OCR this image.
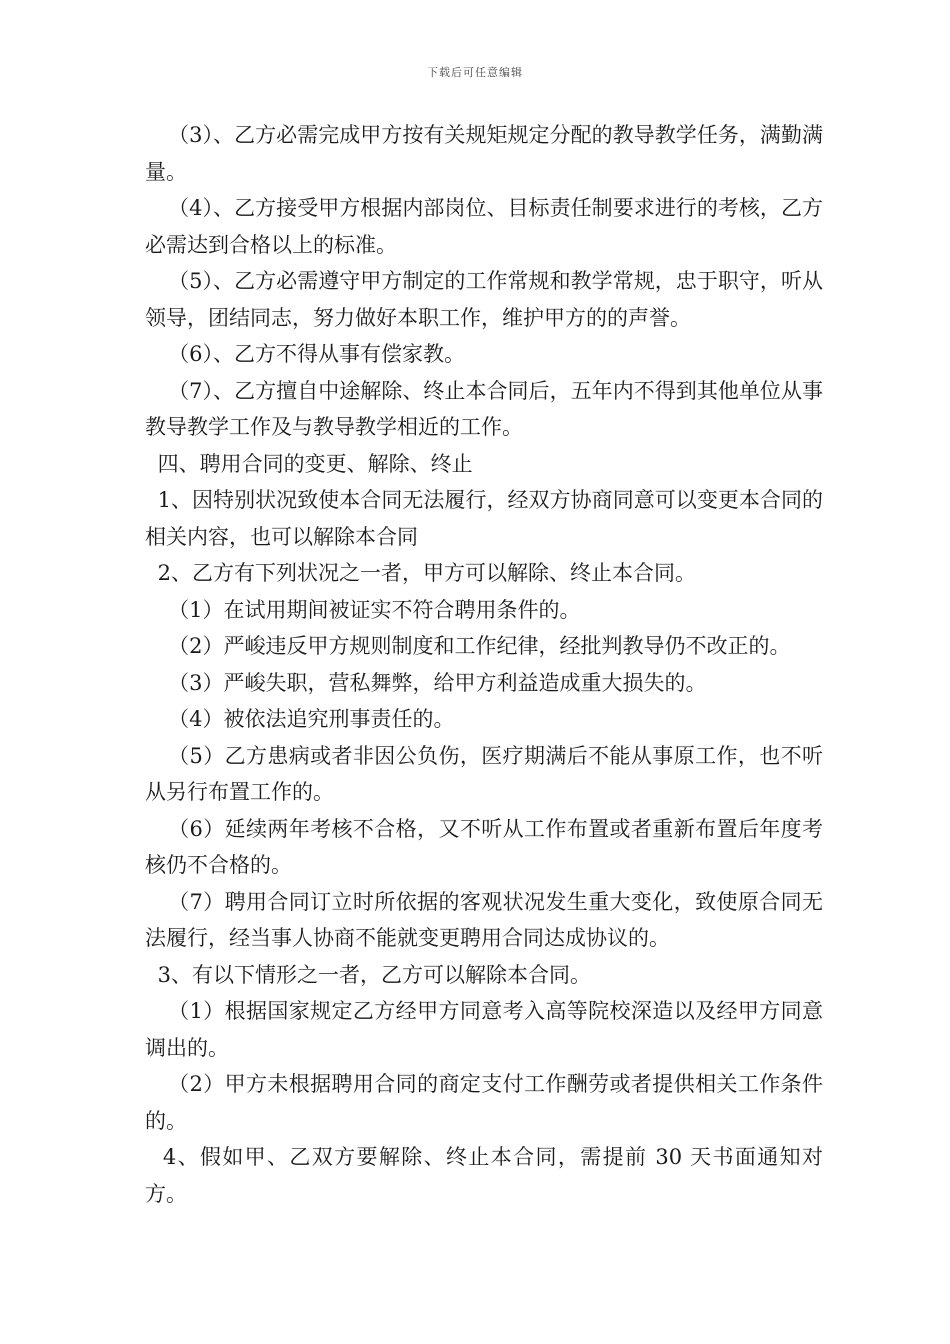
下载后可任意编辑

（3）、乙方必需完成甲方按有关规矩规定分配的教导教学任务，满勤满量。

（4）、乙方接受甲方根据内部岗位、目标责任制要求进行的考核，乙方必需达到合格以上的标准。

（5）、乙方必需遵守甲方制定的工作常规和教学常规，忠于职守，听从领导，团结同志，努力做好本职工作，维护甲方的的声誉。

（6）、乙方不得从事有偿家教。

（7）、乙方擅自中途解除、终止本合同后，五年内不得到其他单位从事教导教学工作及与教导教学相近的工作。

四、聘用合同的变更、解除、终止

1、因特别状况致使本合同无法履行，经双方协商同意可以变更本合同的相关内容，也可以解除本合同

2、乙方有下列状况之一者，甲方可以解除、终止本合同。

（1）在试用期间被证实不符合聘用条件的。

（2）严峻违反甲方规则制度和工作纪律，经批判教导仍不改正的。

（3）严峻失职，营私舞弊，给甲方利益造成重大损失的。

（4）被依法追究刑事责任的。

（5）乙方患病或者非因公负伤，医疗期满后不能从事原工作，也不听从另行布置工作的。

（6）延续两年考核不合格，又不听从工作布置或者重新布置后年度考核仍不合格的。

（7）聘用合同订立时所依据的客观状况发生重大变化，致使原合同无法履行，经当事人协商不能就变更聘用合同达成协议的。

3、有以下情形之一者，乙方可以解除本合同。

（1）根据国家规定乙方经甲方同意考入高等院校深造以及经甲方同意调出的。

（2）甲方未根据聘用合同的商定支付工作酬劳或者提供相关工作条件的。

4、假如甲、乙双方要解除、终止本合同，需提前 30 天书面通知对方。
